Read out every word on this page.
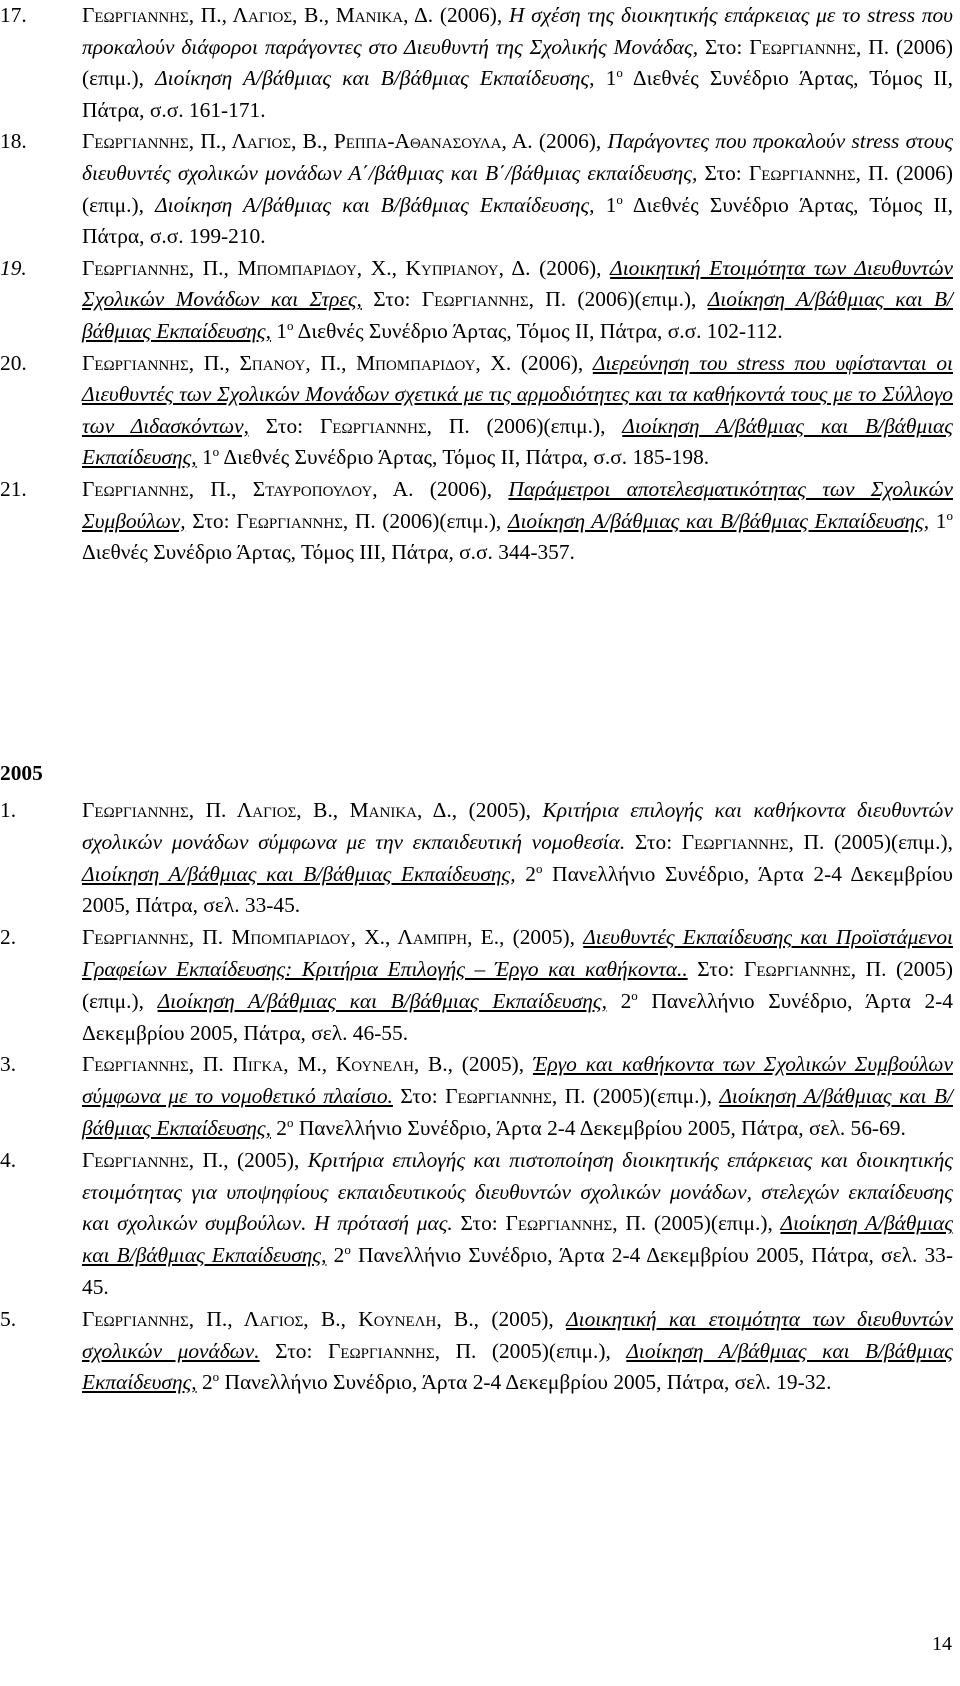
17.	Γεωργιαννησ, Π., Λαγιοσ, Β., Μανικα, Δ. (2006), Η σχέση της διοικητικής επάρκειας με το stress που προκαλούν διάφοροι παράγοντες στο Διευθυντή της Σχολικής Μονάδας, Στο: Γεωργιαννησ, Π. (2006)(επιμ.), Διοίκηση Α/βάθμιας και Β/βάθμιας Εκπαίδευσης, $1^o$ Διεθνές Συνέδριο Άρτας, Τόμος ΙΙ, Πάτρα, σ.σ. 161-171.
18.	Γεωργιαννησ, Π., Λαγιοσ, Β., Ρεππα-Αθανασουλα, Α. (2006), Παράγοντες που προκαλούν stress στους διευθυντές σχολικών μονάδων Α΄/βάθμιας και Β΄/βάθμιας εκπαίδευσης, Στο: Γεωργιαννησ, Π. (2006)(επιμ.), Διοίκηση Α/βάθμιας και Β/βάθμιας Εκπαίδευσης, $1^o$ Διεθνές Συνέδριο Άρτας, Τόμος ΙΙ, Πάτρα, σ.σ. 199-210.
19.	Γεωργιαννησ, Π., Μπομπαριδου, Χ., Κυπριανου, Δ. (2006), Διοικητική Ετοιμότητα των Διευθυντών Σχολικών Μονάδων και Στρες, Στο: Γεωργιαννησ, Π. (2006)(επιμ.), Διοίκηση Α/βάθμιας και Β/βάθμιας Εκπαίδευσης, $1^o$ Διεθνές Συνέδριο Άρτας, Τόμος ΙΙ, Πάτρα, σ.σ. 102-112.
20.	Γεωργιαννησ, Π., Σπανου, Π., Μπομπαριδου, Χ. (2006), Διερεύνηση του stress που υφίστανται οι Διευθυντές των Σχολικών Μονάδων σχετικά με τις αρμοδιότητες και τα καθήκοντά τους με το Σύλλογο των Διδασκόντων, Στο: Γεωργιαννησ, Π. (2006)(επιμ.), Διοίκηση Α/βάθμιας και Β/βάθμιας Εκπαίδευσης, $1^o$ Διεθνές Συνέδριο Άρτας, Τόμος ΙΙ, Πάτρα, σ.σ. 185-198.
21.	Γεωργιαννησ, Π., Σταυροπουλου, Α. (2006), Παράμετροι αποτελεσματικότητας των Σχολικών Συμβούλων, Στο: Γεωργιαννησ, Π. (2006)(επιμ.), Διοίκηση Α/βάθμιας και Β/βάθμιας Εκπαίδευσης, $1^o$ Διεθνές Συνέδριο Άρτας, Τόμος ΙΙΙ, Πάτρα, σ.σ. 344-357.
2005
1.	Γεωργιαννησ, Π. Λαγιοσ, Β., Μανικα, Δ., (2005), Κριτήρια επιλογής και καθήκοντα διευθυντών σχολικών μονάδων σύμφωνα με την εκπαιδευτική νομοθεσία. Στο: Γεωργιαννησ, Π. (2005)(επιμ.), Διοίκηση Α/βάθμιας και Β/βάθμιας Εκπαίδευσης, $2^o$ Πανελλήνιο Συνέδριο, Άρτα 2-4 Δεκεμβρίου 2005, Πάτρα, σελ. 33-45.
2.	Γεωργιαννησ, Π. Μπομπαριδου, Χ., Λαμπρη, Ε., (2005), Διευθυντές Εκπαίδευσης και Προϊστάμενοι Γραφείων Εκπαίδευσης: Κριτήρια Επιλογής – Έργο και καθήκοντα.. Στο: Γεωργιαννησ, Π. (2005)(επιμ.), Διοίκηση Α/βάθμιας και Β/βάθμιας Εκπαίδευσης, $2^o$ Πανελλήνιο Συνέδριο, Άρτα 2-4 Δεκεμβρίου 2005, Πάτρα, σελ. 46-55.
3.	Γεωργιαννησ, Π. Πιγκα, Μ., Κουνελη, Β., (2005), Έργο και καθήκοντα των Σχολικών Συμβούλων σύμφωνα με το νομοθετικό πλαίσιο. Στο: Γεωργιαννησ, Π. (2005)(επιμ.), Διοίκηση Α/βάθμιας και Β/βάθμιας Εκπαίδευσης, $2^o$ Πανελλήνιο Συνέδριο, Άρτα 2-4 Δεκεμβρίου 2005, Πάτρα, σελ. 56-69.
4.	Γεωργιαννησ, Π., (2005), Κριτήρια επιλογής και πιστοποίηση διοικητικής επάρκειας και διοικητικής ετοιμότητας για υποψηφίους εκπαιδευτικούς διευθυντών σχολικών μονάδων, στελεχών εκπαίδευσης και σχολικών συμβούλων. Η πρότασή μας. Στο: Γεωργιαννησ, Π. (2005)(επιμ.), Διοίκηση Α/βάθμιας και Β/βάθμιας Εκπαίδευσης, $2^o$ Πανελλήνιο Συνέδριο, Άρτα 2-4 Δεκεμβρίου 2005, Πάτρα, σελ. 33-45.
5.	Γεωργιαννησ, Π., Λαγιοσ, Β., Κουνελη, Β., (2005), Διοικητική και ετοιμότητα των διευθυντών σχολικών μονάδων. Στο: Γεωργιαννησ, Π. (2005)(επιμ.), Διοίκηση Α/βάθμιας και Β/βάθμιας Εκπαίδευσης, $2^o$ Πανελλήνιο Συνέδριο, Άρτα 2-4 Δεκεμβρίου 2005, Πάτρα, σελ. 19-32.
14
